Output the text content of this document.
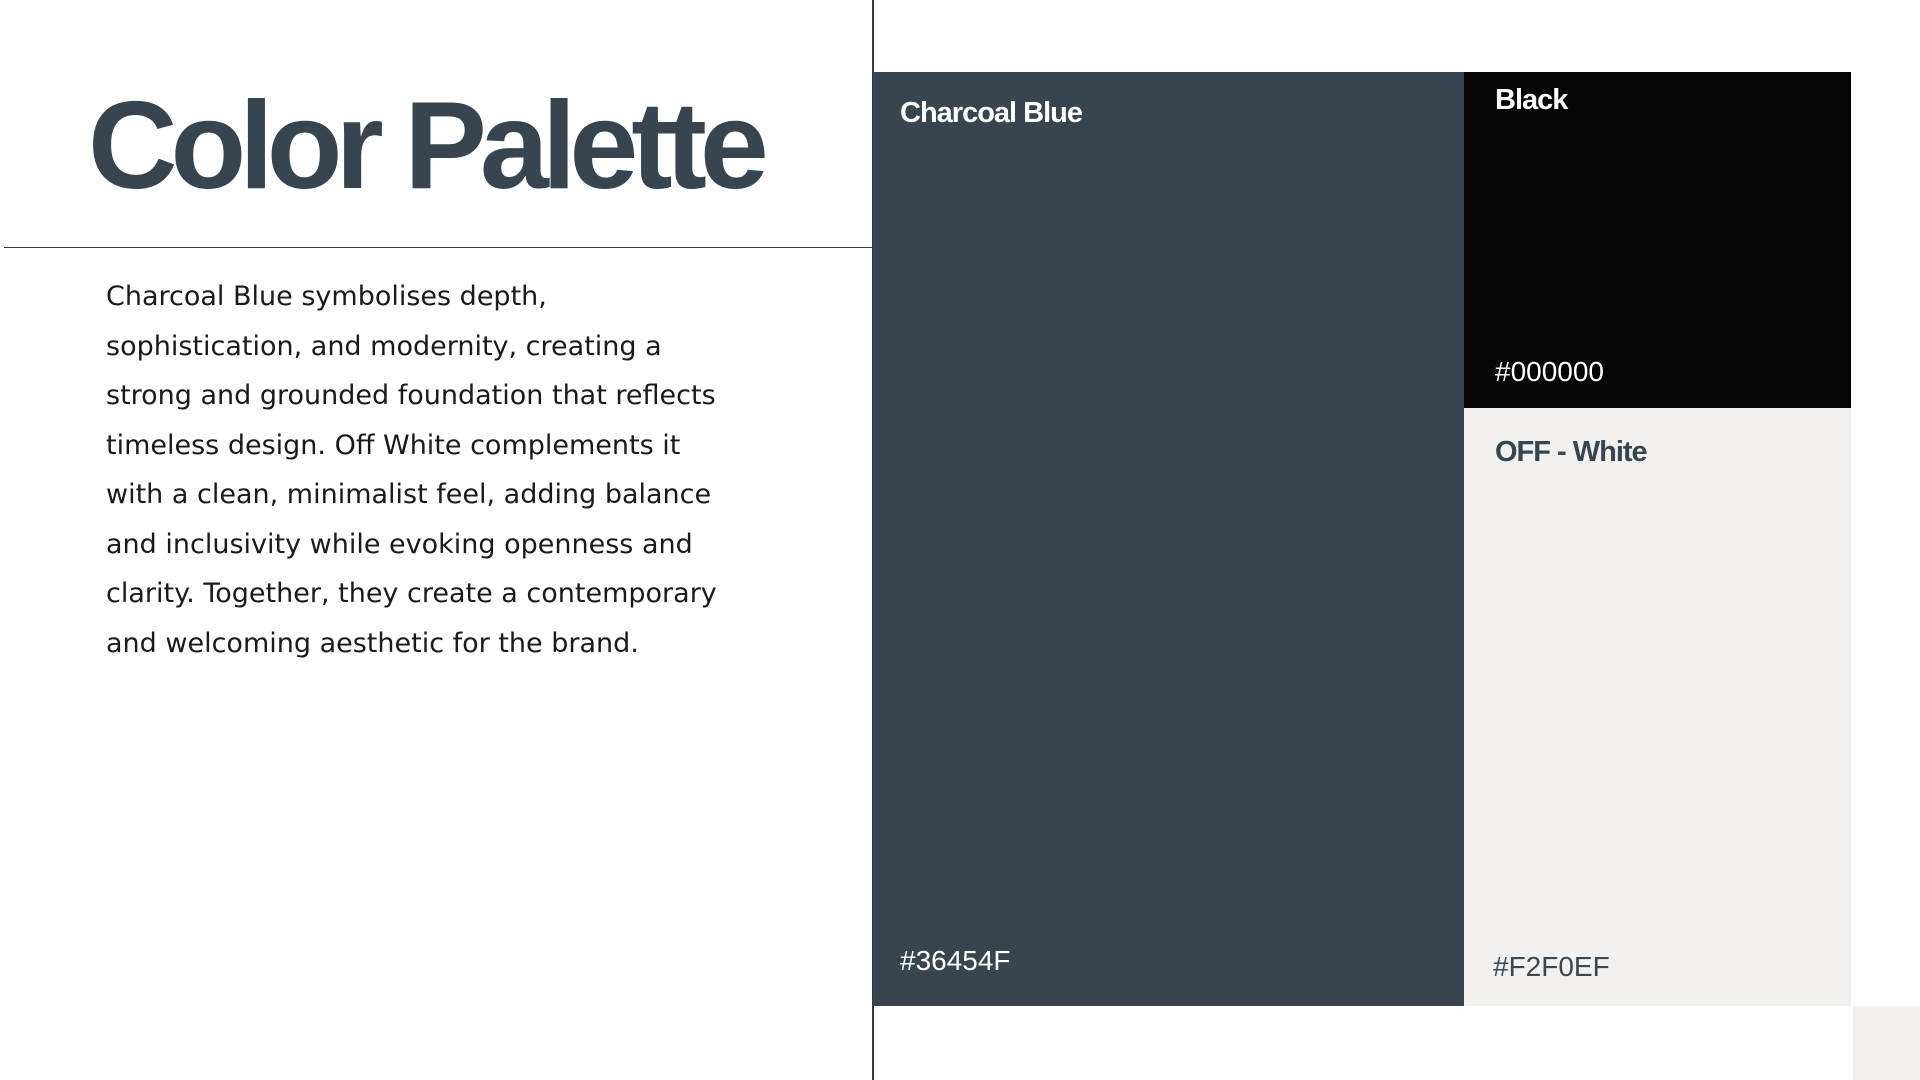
Color Palette

Charcoal Blue symbolises depth, sophistication, and modernity, creating a strong and grounded foundation that reflects timeless design. Off White complements it with a clean, minimalist feel, adding balance and inclusivity while evoking openness and clarity. Together, they create a contemporary and welcoming aesthetic for the brand.

Charcoal Blue
#36454F
Black
#000000
OFF - White
#F2F0EF
